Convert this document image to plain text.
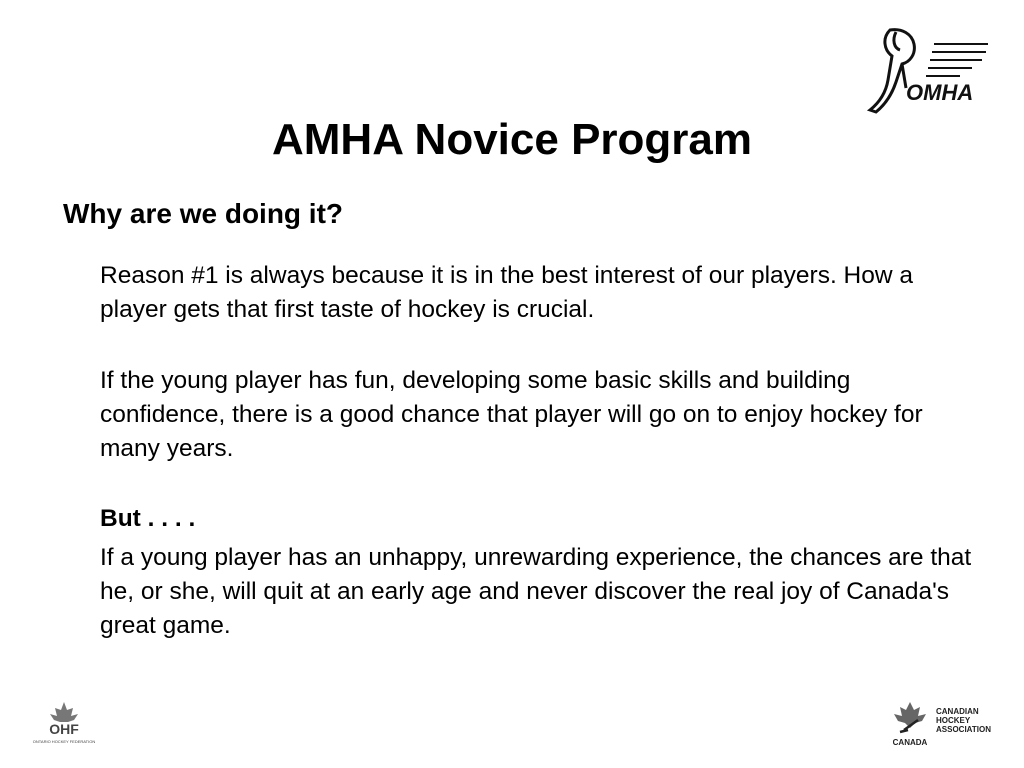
OMHA
AMHA Novice Program
Why are we doing it?

Reason #1 is always because it is in the best interest of our players. How a player gets that first taste of hockey is crucial.

If the young player has fun, developing some basic skills and building confidence, there is a good chance that player will go on to enjoy hockey for many years.

But . . . .

If a young player has an unhappy, unrewarding experience, the chances are that he, or she, will quit at an early age and never discover the real joy of Canada's great game.

OHF
ONTARIO HOCKEY FEDERATION
CANADIAN
HOCKEY
ASSOCIATION
CANADA
